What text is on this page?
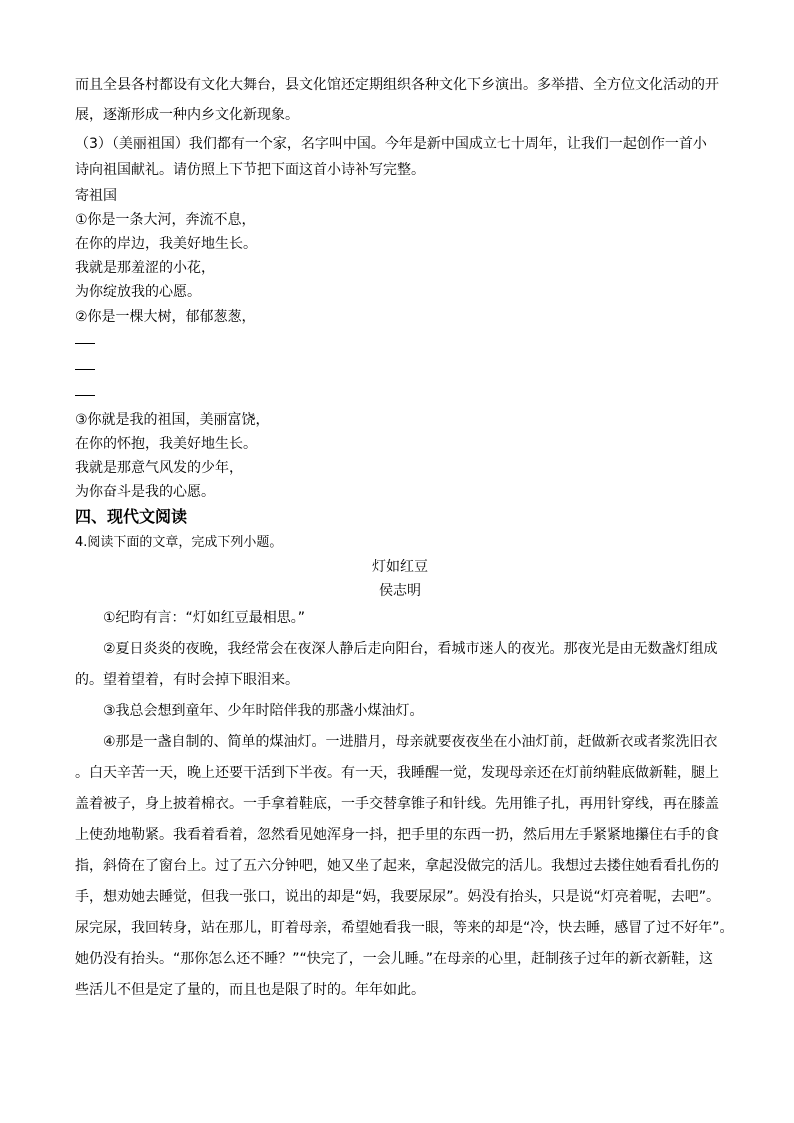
而且全县各村都设有文化大舞台，县文化馆还定期组织各种文化下乡演出。多举措、全方位文化活动的开

展，逐渐形成一种内乡文化新现象。

（3）（美丽祖国）我们都有一个家，名字叫中国。今年是新中国成立七十周年，让我们一起创作一首小

诗向祖国献礼。请仿照上下节把下面这首小诗补写完整。

寄祖国

①你是一条大河，奔流不息，

在你的岸边，我美好地生长。

我就是那羞涩的小花，

为你绽放我的心愿。

②你是一棵大树，郁郁葱葱，

③你就是我的祖国，美丽富饶，

在你的怀抱，我美好地生长。

我就是那意气风发的少年，

为你奋斗是我的心愿。

四、现代文阅读

4.阅读下面的文章，完成下列小题。

灯如红豆

侯志明

①纪昀有言：“灯如红豆最相思。”

②夏日炎炎的夜晚，我经常会在夜深人静后走向阳台，看城市迷人的夜光。那夜光是由无数盏灯组成

的。望着望着，有时会掉下眼泪来。

③我总会想到童年、少年时陪伴我的那盏小煤油灯。

④那是一盏自制的、简单的煤油灯。一进腊月，母亲就要夜夜坐在小油灯前，赶做新衣或者浆洗旧衣

。白天辛苦一天，晚上还要干活到下半夜。有一天，我睡醒一觉，发现母亲还在灯前纳鞋底做新鞋，腿上

盖着被子，身上披着棉衣。一手拿着鞋底，一手交替拿锥子和针线。先用锥子扎，再用针穿线，再在膝盖

上使劲地勒紧。我看着看着，忽然看见她浑身一抖，把手里的东西一扔，然后用左手紧紧地攥住右手的食

指，斜倚在了窗台上。过了五六分钟吧，她又坐了起来，拿起没做完的活儿。我想过去搂住她看看扎伤的

手，想劝她去睡觉，但我一张口，说出的却是“妈，我要尿尿”。妈没有抬头，只是说“灯亮着呢，去吧”。

尿完尿，我回转身，站在那儿，盯着母亲，希望她看我一眼，等来的却是“冷，快去睡，感冒了过不好年”。

她仍没有抬头。“那你怎么还不睡？”“快完了，一会儿睡。”在母亲的心里，赶制孩子过年的新衣新鞋，这

些活儿不但是定了量的，而且也是限了时的。年年如此。
